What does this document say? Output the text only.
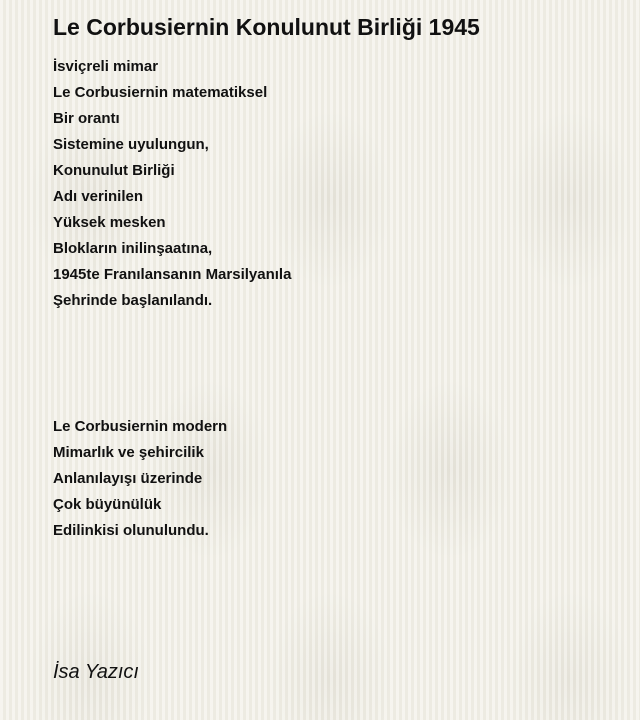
Le Corbusiernin Konulunut Birliği 1945
İsviçreli mimar
Le Corbusiernin matematiksel
Bir orantı
Sistemine uyulungun,
Konunulut Birliği
Adı verinilen
Yüksek mesken
Blokların inilinşaatına,
1945te Franılansanın Marsilyanıla
Şehrinde başlanılandı.
Le Corbusiernin modern
Mimarlık ve şehircilik
Anlanılayışı üzerinde
Çok büyünülük
Edilinkisi olunulundu.
İsa Yazıcı
